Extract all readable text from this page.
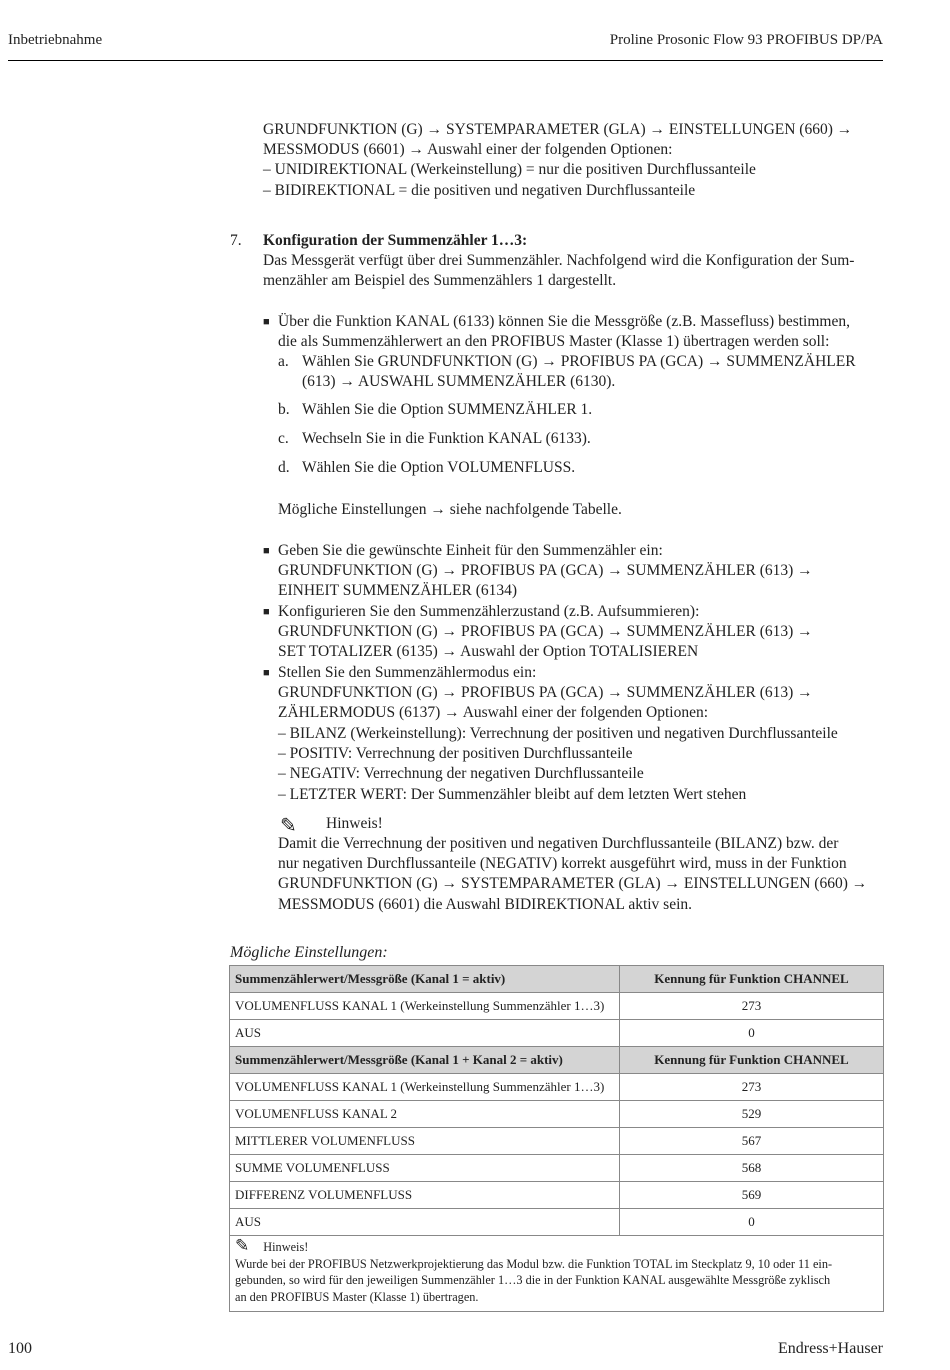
Inbetriebnahme	Proline Prosonic Flow 93 PROFIBUS DP/PA
GRUNDFUNKTION (G) → SYSTEMPARAMETER (GLA) → EINSTELLUNGEN (660) →
MESSMODUS (6601) → Auswahl einer der folgenden Optionen:
– UNIDIREKTIONAL (Werkeinstellung) = nur die positiven Durchflussanteile
– BIDIREKTIONAL = die positiven und negativen Durchflussanteile
7. Konfiguration der Summenzähler 1…3:
Das Messgerät verfügt über drei Summenzähler. Nachfolgend wird die Konfiguration der Sum-
menzähler am Beispiel des Summenzählers 1 dargestellt.
■ Über die Funktion KANAL (6133) können Sie die Messgröße (z.B. Massefluss) bestimmen,
die als Summenzählerwert an den PROFIBUS Master (Klasse 1) übertragen werden soll:
a. Wählen Sie GRUNDFUNKTION (G) → PROFIBUS PA (GCA) → SUMMENZÄHLER
(613) → AUSWAHL SUMMENZÄHLER (6130).
b. Wählen Sie die Option SUMMENZÄHLER 1.
c. Wechseln Sie in die Funktion KANAL (6133).
d. Wählen Sie die Option VOLUMENFLUSS.
Mögliche Einstellungen → siehe nachfolgende Tabelle.
■ Geben Sie die gewünschte Einheit für den Summenzähler ein:
GRUNDFUNKTION (G) → PROFIBUS PA (GCA) → SUMMENZÄHLER (613) →
EINHEIT SUMMENZÄHLER (6134)
■ Konfigurieren Sie den Summenzählerzustand (z.B. Aufsummieren):
GRUNDFUNKTION (G) → PROFIBUS PA (GCA) → SUMMENZÄHLER (613) →
SET TOTALIZER (6135) → Auswahl der Option TOTALISIEREN
■ Stellen Sie den Summenzählermodus ein:
GRUNDFUNKTION (G) → PROFIBUS PA (GCA) → SUMMENZÄHLER (613) →
ZÄHLERMODUS (6137) → Auswahl einer der folgenden Optionen:
– BILANZ (Werkeinstellung): Verrechnung der positiven und negativen Durchflussanteile
– POSITIV: Verrechnung der positiven Durchflussanteile
– NEGATIV: Verrechnung der negativen Durchflussanteile
– LETZTER WERT: Der Summenzähler bleibt auf dem letzten Wert stehen
✎ Hinweis!
Damit die Verrechnung der positiven und negativen Durchflussanteile (BILANZ) bzw. der
nur negativen Durchflussanteile (NEGATIV) korrekt ausgeführt wird, muss in der Funktion
GRUNDFUNKTION (G) → SYSTEMPARAMETER (GLA) → EINSTELLUNGEN (660) →
MESSMODUS (6601) die Auswahl BIDIREKTIONAL aktiv sein.
Mögliche Einstellungen:
Summenzählerwert/Messgröße (Kanal 1 = aktiv)	Kennung für Funktion CHANNEL
VOLUMENFLUSS KANAL 1 (Werkeinstellung Summenzähler 1…3)	273
AUS	0
Summenzählerwert/Messgröße (Kanal 1 + Kanal 2 = aktiv)	Kennung für Funktion CHANNEL
VOLUMENFLUSS KANAL 1 (Werkeinstellung Summenzähler 1…3)	273
VOLUMENFLUSS KANAL 2	529
MITTLERER VOLUMENFLUSS	567
SUMME VOLUMENFLUSS	568
DIFFERENZ VOLUMENFLUSS	569
AUS	0

✎ Hinweis!
Wurde bei der PROFIBUS Netzwerkprojektierung das Modul bzw. die Funktion TOTAL im Steckplatz 9, 10 oder 11 ein-
gebunden, so wird für den jeweiligen Summenzähler 1…3 die in der Funktion KANAL ausgewählte Messgröße zyklisch
an den PROFIBUS Master (Klasse 1) übertragen.	
100	Endress+Hauser
